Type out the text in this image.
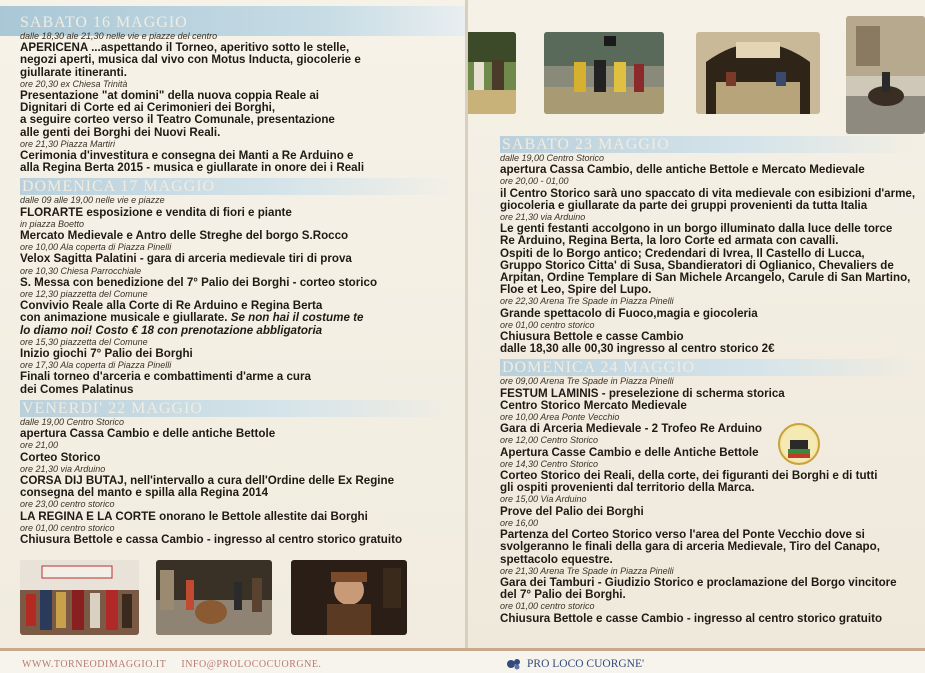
SABATO 16 MAGGIO
dalle 18,30 ale 21,30 nelle vie e piazze del centro
APERICENA ...aspettando il Torneo, aperitivo sotto le stelle,
negozi aperti, musica dal vivo con Motus Inducta, giocolerie e
giullarate itineranti.
ore 20,30 ex Chiesa Trinità
Presentazione "at domini" della nuova coppia Reale ai
Dignitari di Corte ed ai Cerimonieri dei Borghi,
a seguire corteo verso il Teatro Comunale, presentazione
alle genti dei Borghi dei Nuovi Reali.
ore 21,30 Piazza Martiri
Cerimonia d'investitura e consegna dei Manti a Re Arduino e
alla Regina Berta 2015 - musica e giullarate in onore dei i Reali
DOMENICA 17 MAGGIO
dalle 09 alle 19,00 nelle vie e piazze
FLORARTE esposizione e vendita di fiori e piante
in piazza Boetto
Mercato Medievale e Antro delle Streghe del borgo S.Rocco
ore 10,00 Ala coperta di Piazza Pinelli
Velox Sagitta Palatini - gara di arceria medievale tiri di prova
ore 10,30 Chiesa Parrocchiale
S. Messa con benedizione del 7° Palio dei Borghi - corteo storico
ore 12,30 piazzetta del Comune
Convivio Reale alla Corte di Re Arduino e Regina Berta
con animazione musicale e giullarate. Se non hai il costume te
lo diamo noi! Costo € 18 con prenotazione abbligatoria
ore 15,30 piazzetta del Comune
Inizio giochi 7° Palio dei Borghi
ore 17,30 Ala coperta di Piazza Pinelli
Finali torneo d'arceria e combattimenti d'arme a cura
dei Comes Palatinus
VENERDI' 22 MAGGIO
dalle 19,00 Centro Storico
apertura Cassa Cambio e delle antiche Bettole
ore 21,00
Corteo Storico
ore 21,30 via Arduino
CORSA DIJ BUTAJ, nell'intervallo a cura dell'Ordine delle Ex Regine
consegna del manto e spilla alla Regina 2014
ore 23,00 centro storico
LA REGINA E LA CORTE onorano le Bettole allestite dai Borghi
ore 01,00 centro storico
Chiusura Bettole e cassa Cambio - ingresso al centro storico gratuito
SABATO 23 MAGGIO
dalle 19,00 Centro Storico
apertura Cassa Cambio, delle antiche Bettole e Mercato Medievale
ore 20,00 - 01,00
il Centro Storico sarà uno spaccato di vita medievale con esibizioni d'arme,
giocoleria e giullarate da parte dei gruppi provenienti da tutta Italia
ore 21,30 via Arduino
Le genti festanti accolgono in un borgo illuminato dalla luce delle torce
Re Arduino, Regina Berta, la loro Corte ed armata con cavalli.
Ospiti de lo Borgo antico; Credendari di Ivrea, Il Castello di Lucca,
Gruppo Storico Citta' di Susa, Sbandieratori di Oglianico, Chevaliers de
Arpitan, Ordine Templare di San Michele Arcangelo, Carule di San Martino,
Floe et Leo, Spire del Lupo.
ore 22,30 Arena Tre Spade in Piazza Pinelli
Grande spettacolo di Fuoco,magia e giocoleria
ore 01,00 centro storico
Chiusura Bettole e casse Cambio
dalle 18,30 alle 00,30 ingresso al centro storico 2€
DOMENICA 24 MAGGIO
ore 09,00 Arena Tre Spade in Piazza Pinelli
FESTUM LAMINIS - preselezione di scherma storica
Centro Storico Mercato Medievale
ore 10,00 Area Ponte Vecchio
Gara di Arceria Medievale - 2 Trofeo Re Arduino
ore 12,00 Centro Storico
Apertura Casse Cambio e delle Antiche Bettole
ore 14,30 Centro Storico
Corteo Storico dei Reali, della corte, dei figuranti dei Borghi e di tutti
gli ospiti provenienti dal territorio della Marca.
ore 15,00 Via Arduino
Prove del Palio dei Borghi
ore 16,00
Partenza del Corteo Storico verso l'area del Ponte Vecchio dove si
svolgeranno le finali della gara di arceria Medievale, Tiro del Canapo,
spettacolo equestre.
ore 21,30 Arena Tre Spade in Piazza Pinelli
Gara dei Tamburi - Giudizio Storico e proclamazione del Borgo vincitore
del 7° Palio dei Borghi.
ore 01,00 centro storico
Chiusura Bettole e casse Cambio - ingresso al centro storico gratuito
WWW.TORNEODIMAGGIO.IT INFO@PROLOCOCUORGNE.	PRO LOCO CUORGNE'
